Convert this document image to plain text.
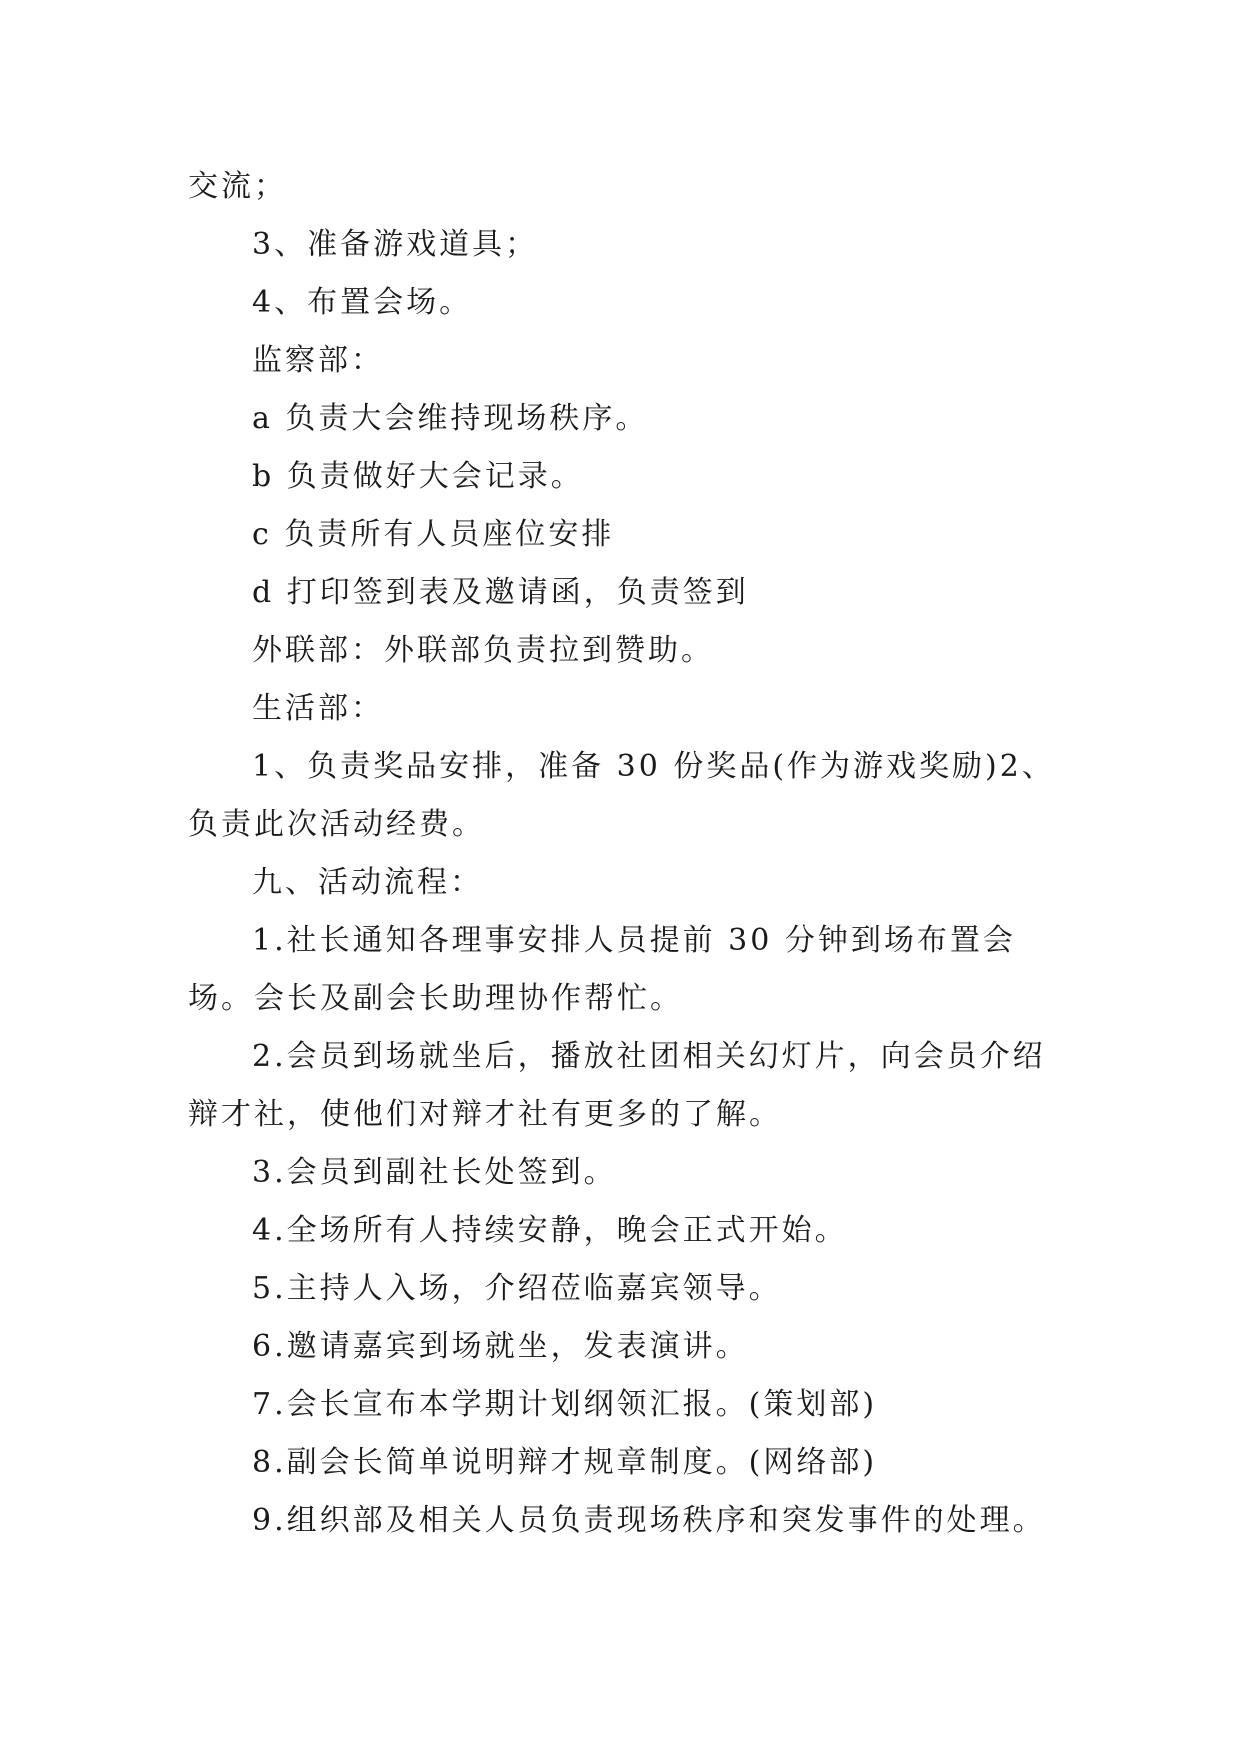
交流；

3、准备游戏道具；

4、布置会场。

监察部：

a 负责大会维持现场秩序。

b 负责做好大会记录。

c 负责所有人员座位安排

d 打印签到表及邀请函，负责签到

外联部：外联部负责拉到赞助。

生活部：

1、负责奖品安排，准备 30 份奖品(作为游戏奖励)2、负责此次活动经费。

九、活动流程：

1.社长通知各理事安排人员提前 30 分钟到场布置会场。会长及副会长助理协作帮忙。

2.会员到场就坐后，播放社团相关幻灯片，向会员介绍辩才社，使他们对辩才社有更多的了解。

3.会员到副社长处签到。

4.全场所有人持续安静，晚会正式开始。

5.主持人入场，介绍莅临嘉宾领导。

6.邀请嘉宾到场就坐，发表演讲。

7.会长宣布本学期计划纲领汇报。(策划部)

8.副会长简单说明辩才规章制度。(网络部)

9.组织部及相关人员负责现场秩序和突发事件的处理。
